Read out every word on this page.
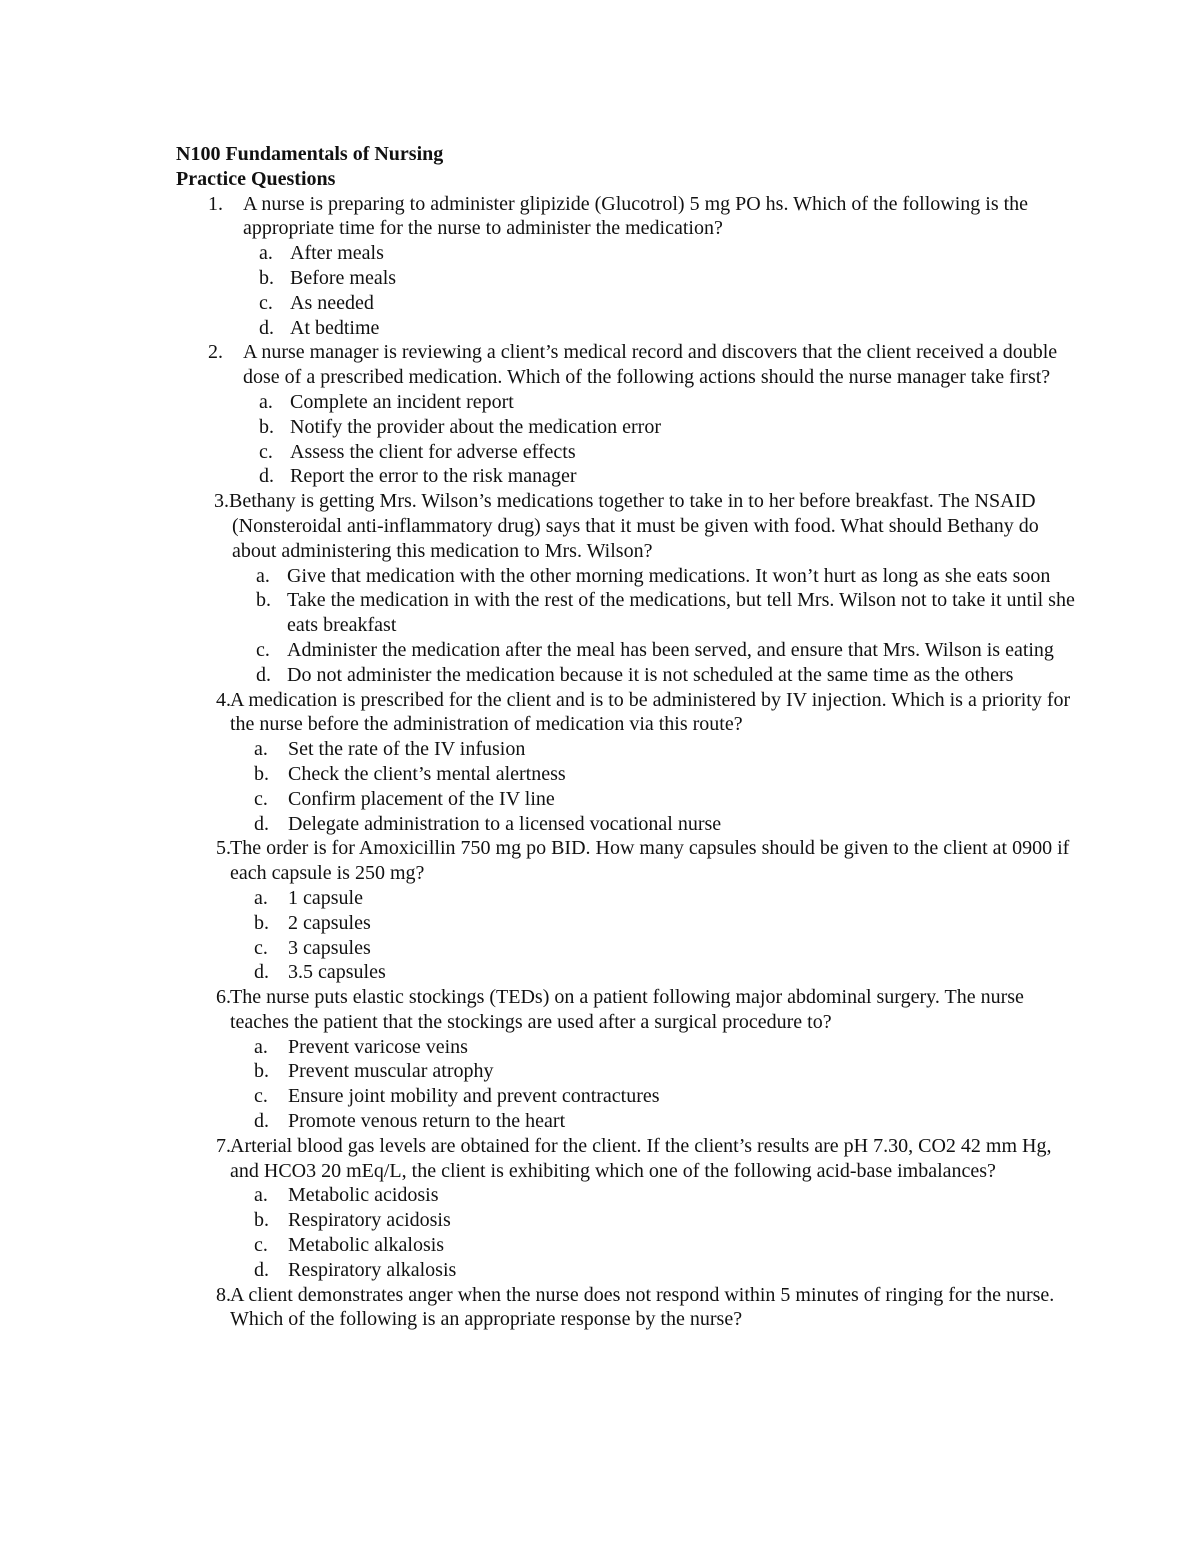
N100 Fundamentals of Nursing

Practice Questions

1. A nurse is preparing to administer glipizide (Glucotrol) 5 mg PO hs. Which of the following is the appropriate time for the nurse to administer the medication?
a. After meals
b. Before meals
c. As needed
d. At bedtime
2. A nurse manager is reviewing a client’s medical record and discovers that the client received a double dose of a prescribed medication. Which of the following actions should the nurse manager take first?
a. Complete an incident report
b. Notify the provider about the medication error
c. Assess the client for adverse effects
d. Report the error to the risk manager
3. Bethany is getting Mrs. Wilson’s medications together to take in to her before breakfast. The NSAID (Nonsteroidal anti-inflammatory drug) says that it must be given with food. What should Bethany do about administering this medication to Mrs. Wilson?
a. Give that medication with the other morning medications. It won’t hurt as long as she eats soon
b. Take the medication in with the rest of the medications, but tell Mrs. Wilson not to take it until she eats breakfast
c. Administer the medication after the meal has been served, and ensure that Mrs. Wilson is eating
d. Do not administer the medication because it is not scheduled at the same time as the others
4. A medication is prescribed for the client and is to be administered by IV injection. Which is a priority for the nurse before the administration of medication via this route?
a. Set the rate of the IV infusion
b. Check the client’s mental alertness
c. Confirm placement of the IV line
d. Delegate administration to a licensed vocational nurse
5. The order is for Amoxicillin 750 mg po BID. How many capsules should be given to the client at 0900 if each capsule is 250 mg?
a. 1 capsule
b. 2 capsules
c. 3 capsules
d. 3.5 capsules
6. The nurse puts elastic stockings (TEDs) on a patient following major abdominal surgery. The nurse teaches the patient that the stockings are used after a surgical procedure to?
a. Prevent varicose veins
b. Prevent muscular atrophy
c. Ensure joint mobility and prevent contractures
d. Promote venous return to the heart
7. Arterial blood gas levels are obtained for the client. If the client’s results are pH 7.30, CO2 42 mm Hg, and HCO3 20 mEq/L, the client is exhibiting which one of the following acid-base imbalances?
a. Metabolic acidosis
b. Respiratory acidosis
c. Metabolic alkalosis
d. Respiratory alkalosis
8. A client demonstrates anger when the nurse does not respond within 5 minutes of ringing for the nurse. Which of the following is an appropriate response by the nurse?
